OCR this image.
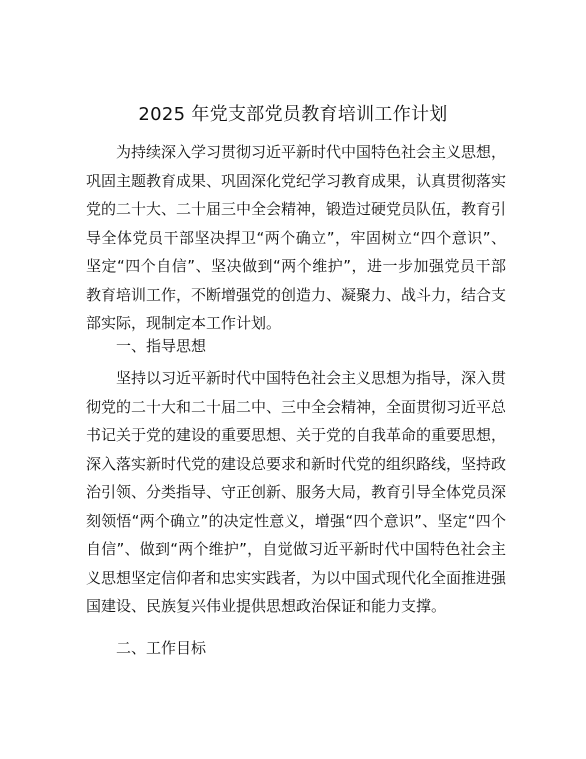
2025 年党支部党员教育培训工作计划

为持续深入学习贯彻习近平新时代中国特色社会主义思想，巩固主题教育成果、巩固深化党纪学习教育成果，认真贯彻落实党的二十大、二十届三中全会精神，锻造过硬党员队伍，教育引导全体党员干部坚决捍卫“两个确立”，牢固树立“四个意识”、坚定“四个自信”、坚决做到“两个维护”，进一步加强党员干部教育培训工作，不断增强党的创造力、凝聚力、战斗力，结合支部实际，现制定本工作计划。

一、指导思想

坚持以习近平新时代中国特色社会主义思想为指导，深入贯彻党的二十大和二十届二中、三中全会精神，全面贯彻习近平总书记关于党的建设的重要思想、关于党的自我革命的重要思想，深入落实新时代党的建设总要求和新时代党的组织路线，坚持政治引领、分类指导、守正创新、服务大局，教育引导全体党员深刻领悟“两个确立”的决定性意义，增强“四个意识”、坚定“四个自信”、做到“两个维护”，自觉做习近平新时代中国特色社会主义思想坚定信仰者和忠实实践者，为以中国式现代化全面推进强国建设、民族复兴伟业提供思想政治保证和能力支撑。

二、工作目标
